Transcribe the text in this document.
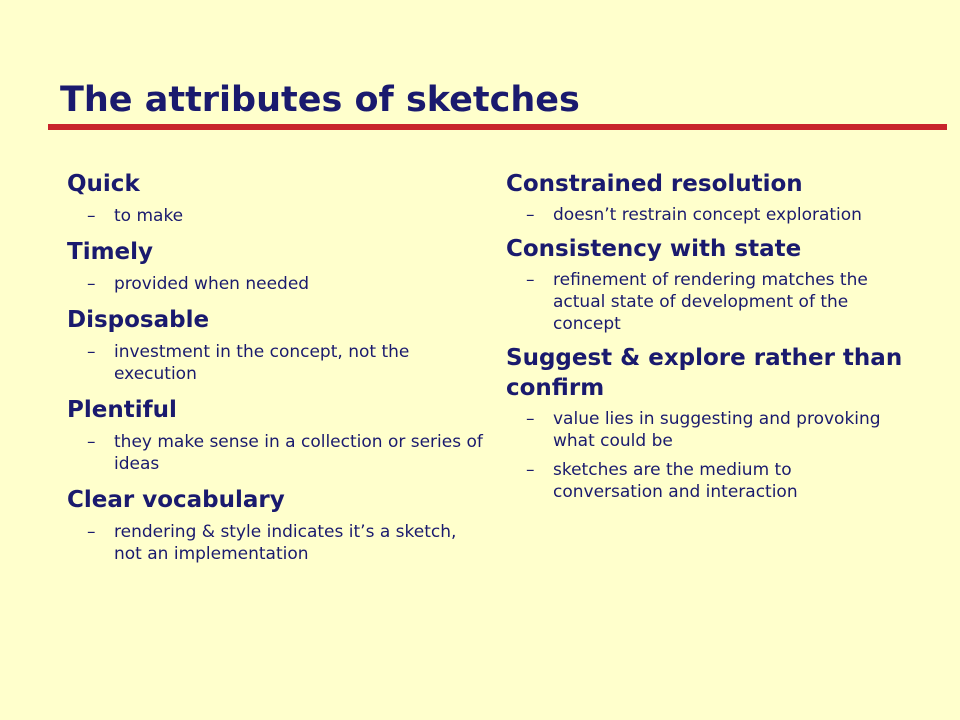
The attributes of sketches
Quick
– to make
Timely
– provided when needed
Disposable
– investment in the concept, not the execution
Plentiful
– they make sense in a collection or series of ideas
Clear vocabulary
– rendering & style indicates it’s a sketch, not an implementation
Constrained resolution
– doesn’t restrain concept exploration
Consistency with state
– refinement of rendering matches the actual state of development of the concept
Suggest & explore rather than confirm
– value lies in suggesting and provoking what could be
– sketches are the medium to conversation and interaction
